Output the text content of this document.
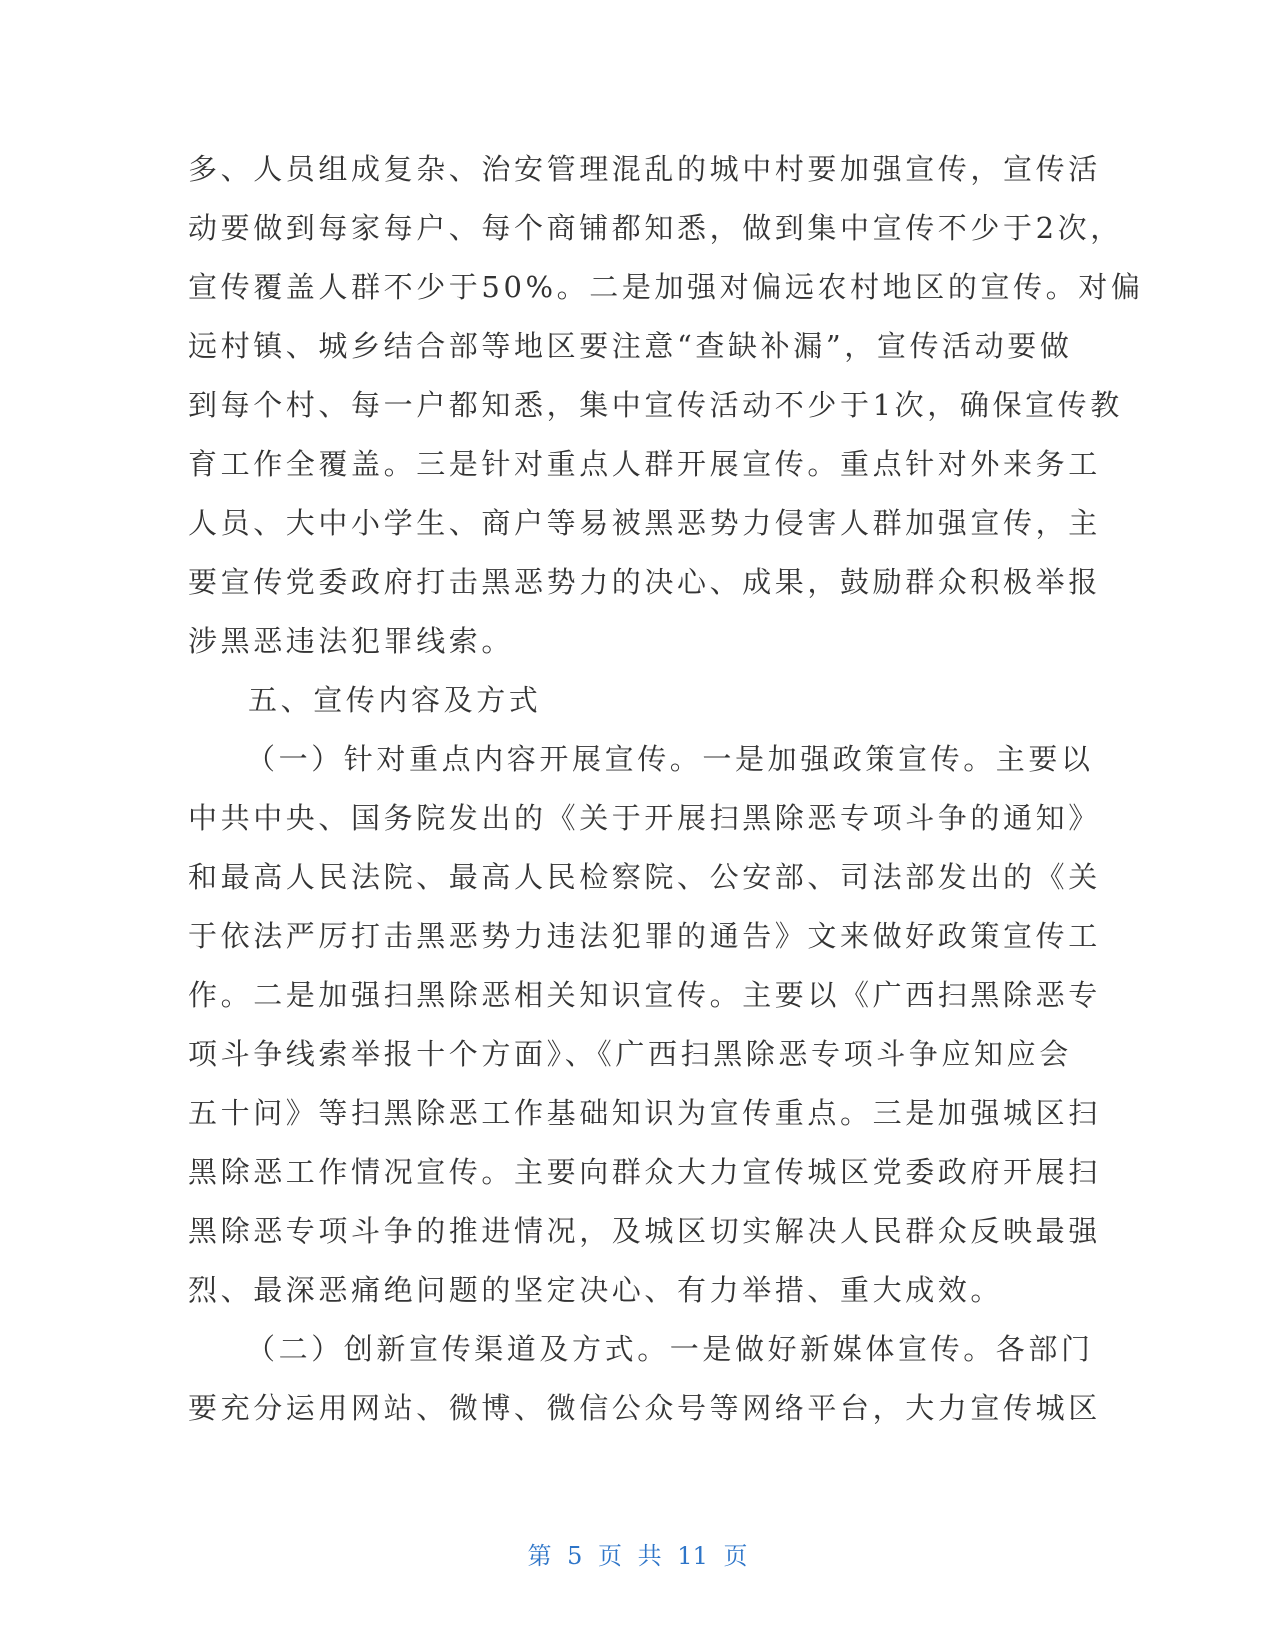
多、人员组成复杂、治安管理混乱的城中村要加强宣传，宣传活
动要做到每家每户、每个商铺都知悉，做到集中宣传不少于2次，
宣传覆盖人群不少于50%。二是加强对偏远农村地区的宣传。对偏
远村镇、城乡结合部等地区要注意“查缺补漏”，宣传活动要做
到每个村、每一户都知悉，集中宣传活动不少于1次，确保宣传教
育工作全覆盖。三是针对重点人群开展宣传。重点针对外来务工
人员、大中小学生、商户等易被黑恶势力侵害人群加强宣传，主
要宣传党委政府打击黑恶势力的决心、成果，鼓励群众积极举报
涉黑恶违法犯罪线索。
五、宣传内容及方式
（一）针对重点内容开展宣传。一是加强政策宣传。主要以
中共中央、国务院发出的《关于开展扫黑除恶专项斗争的通知》
和最高人民法院、最高人民检察院、公安部、司法部发出的《关
于依法严厉打击黑恶势力违法犯罪的通告》文来做好政策宣传工
作。二是加强扫黑除恶相关知识宣传。主要以《广西扫黑除恶专
项斗争线索举报十个方面》、《广西扫黑除恶专项斗争应知应会
五十问》等扫黑除恶工作基础知识为宣传重点。三是加强城区扫
黑除恶工作情况宣传。主要向群众大力宣传城区党委政府开展扫
黑除恶专项斗争的推进情况，及城区切实解决人民群众反映最强
烈、最深恶痛绝问题的坚定决心、有力举措、重大成效。
（二）创新宣传渠道及方式。一是做好新媒体宣传。各部门
要充分运用网站、微博、微信公众号等网络平台，大力宣传城区
第 5 页 共 11 页
